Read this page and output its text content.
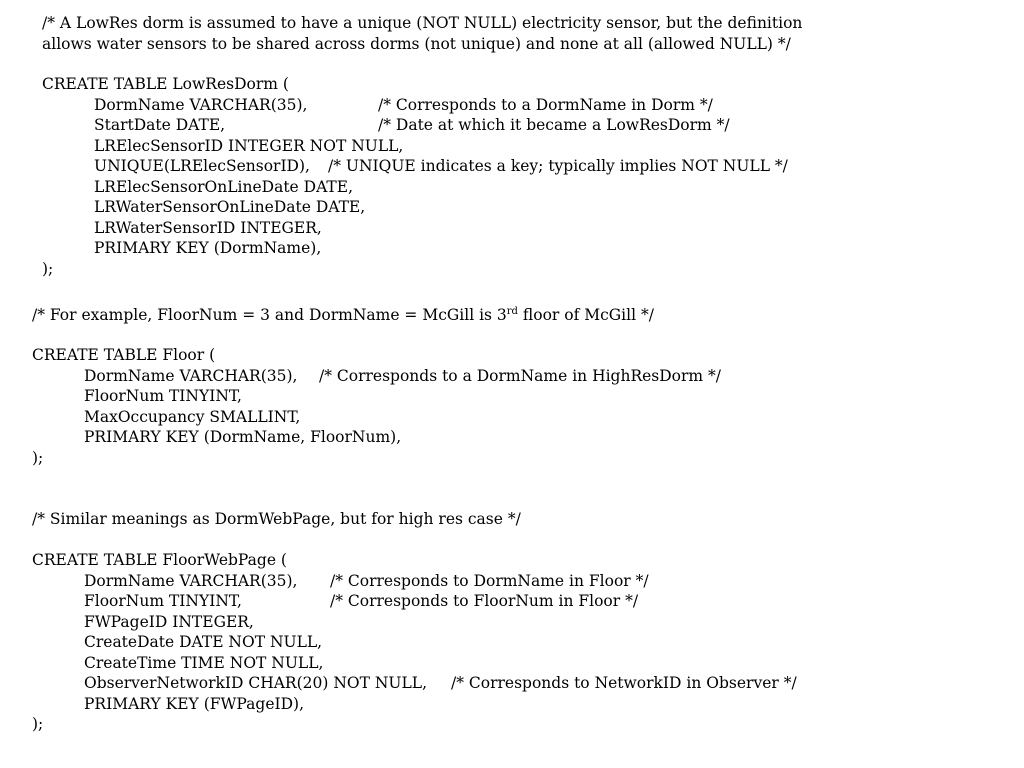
/* A LowRes dorm is assumed to have a unique (NOT NULL) electricity sensor, but the definition
allows water sensors to be shared across dorms (not unique) and none at all (allowed NULL) */
CREATE TABLE LowResDorm (
DormName VARCHAR(35),	/* Corresponds to a DormName in Dorm */
StartDate DATE,	/* Date at which it became a LowResDorm */
LRElecSensorID INTEGER NOT NULL,
UNIQUE(LRElecSensorID), /* UNIQUE indicates a key; typically implies NOT NULL */
LRElecSensorOnLineDate DATE,
LRWaterSensorOnLineDate DATE,
LRWaterSensorID INTEGER,
PRIMARY KEY (DormName),
);
/* For example, FloorNum = 3 and DormName = McGill is 3rd floor of McGill */
CREATE TABLE Floor (
DormName VARCHAR(35), /* Corresponds to a DormName in HighResDorm */
FloorNum TINYINT,
MaxOccupancy SMALLINT,
PRIMARY KEY (DormName, FloorNum),
);
/* Similar meanings as DormWebPage, but for high res case */
CREATE TABLE FloorWebPage (
DormName VARCHAR(35), /* Corresponds to DormName in Floor */
FloorNum TINYINT,	/* Corresponds to FloorNum in Floor */
FWPageID INTEGER,
CreateDate DATE NOT NULL,
CreateTime TIME NOT NULL,
ObserverNetworkID CHAR(20) NOT NULL, /* Corresponds to NetworkID in Observer */
PRIMARY KEY (FWPageID),
);
